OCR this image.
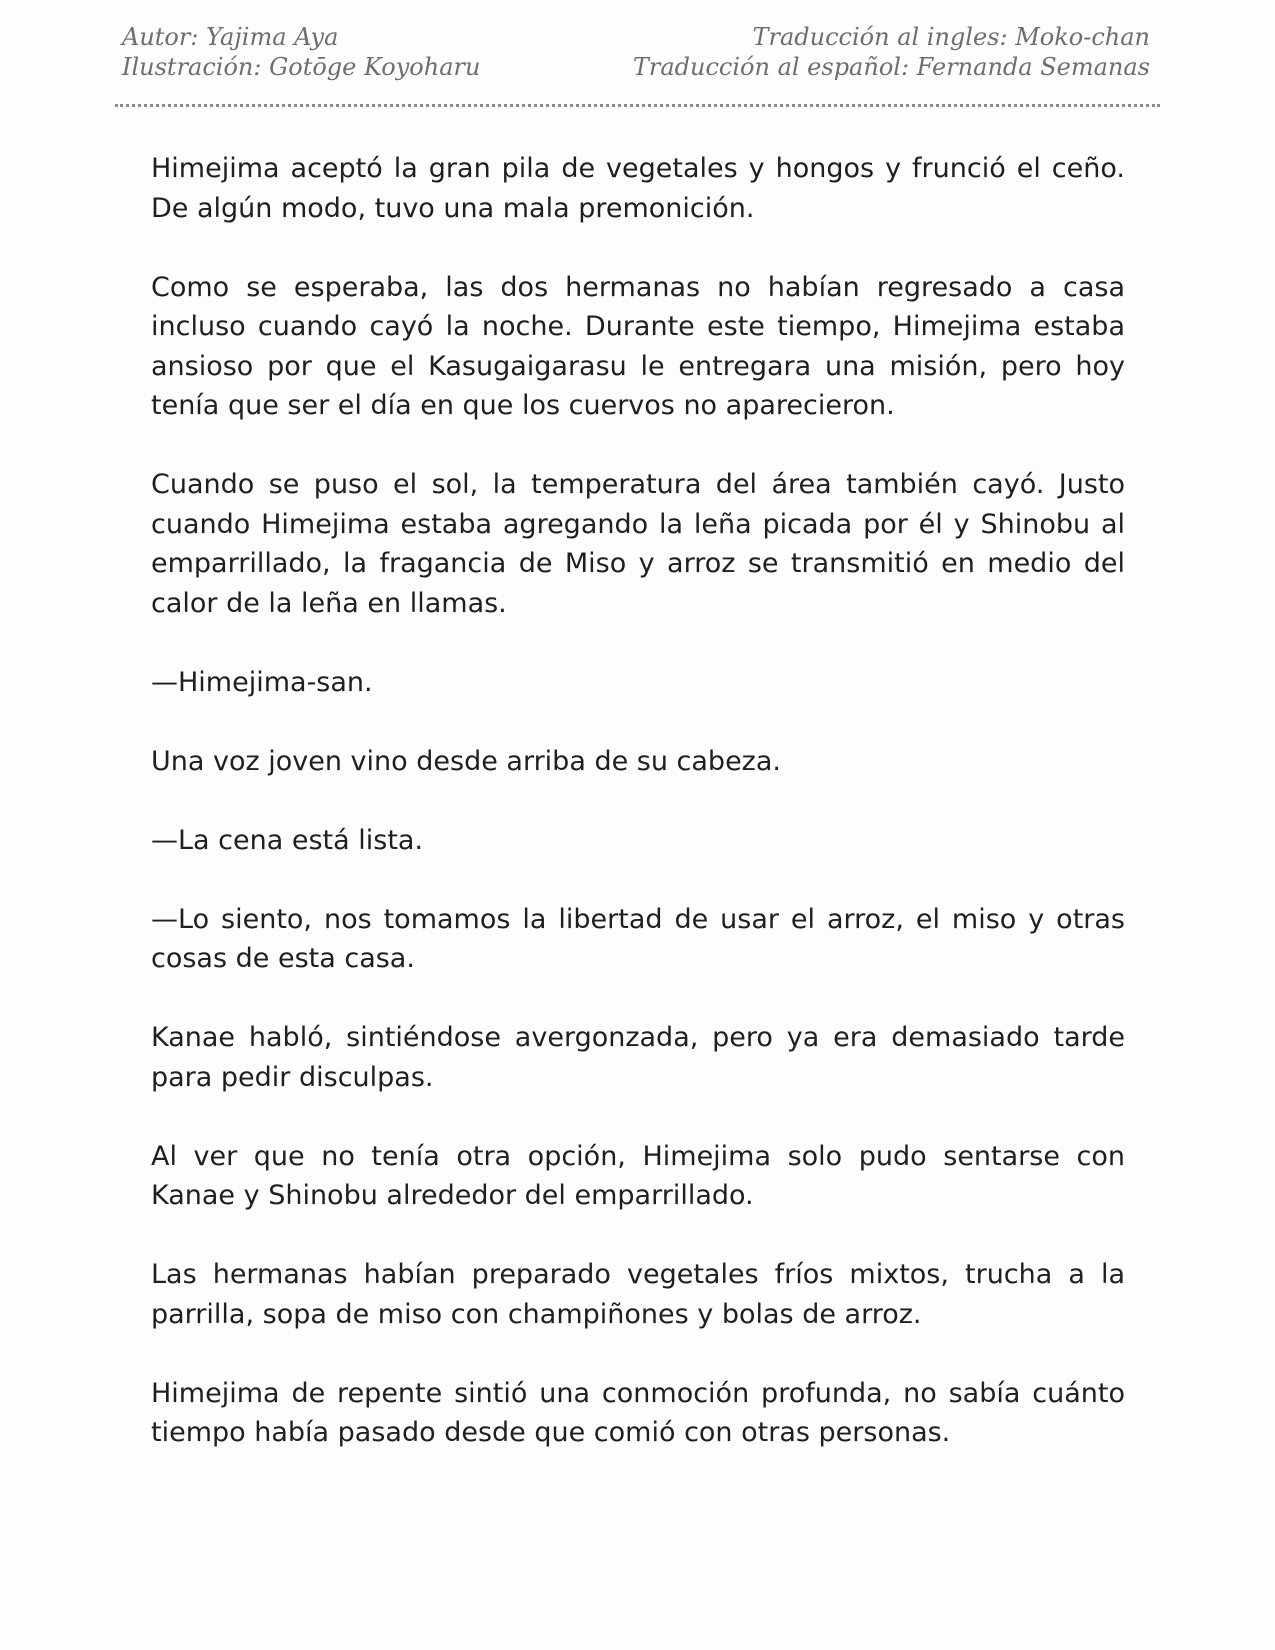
Autor: Yajima Aya
Ilustración: Gotōge Koyoharu
Traducción al ingles: Moko-chan
Traducción al español: Fernanda Semanas

Himejima aceptó la gran pila de vegetales y hongos y frunció el ceño. De algún modo, tuvo una mala premonición.

Como se esperaba, las dos hermanas no habían regresado a casa incluso cuando cayó la noche. Durante este tiempo, Himejima estaba ansioso por que el Kasugaigarasu le entregara una misión, pero hoy tenía que ser el día en que los cuervos no aparecieron.

Cuando se puso el sol, la temperatura del área también cayó. Justo cuando Himejima estaba agregando la leña picada por él y Shinobu al emparrillado, la fragancia de Miso y arroz se transmitió en medio del calor de la leña en llamas.

—Himejima-san.

Una voz joven vino desde arriba de su cabeza.

—La cena está lista.

—Lo siento, nos tomamos la libertad de usar el arroz, el miso y otras cosas de esta casa.

Kanae habló, sintiéndose avergonzada, pero ya era demasiado tarde para pedir disculpas.

Al ver que no tenía otra opción, Himejima solo pudo sentarse con Kanae y Shinobu alrededor del emparrillado.

Las hermanas habían preparado vegetales fríos mixtos, trucha a la parrilla, sopa de miso con champiñones y bolas de arroz.

Himejima de repente sintió una conmoción profunda, no sabía cuánto tiempo había pasado desde que comió con otras personas.
